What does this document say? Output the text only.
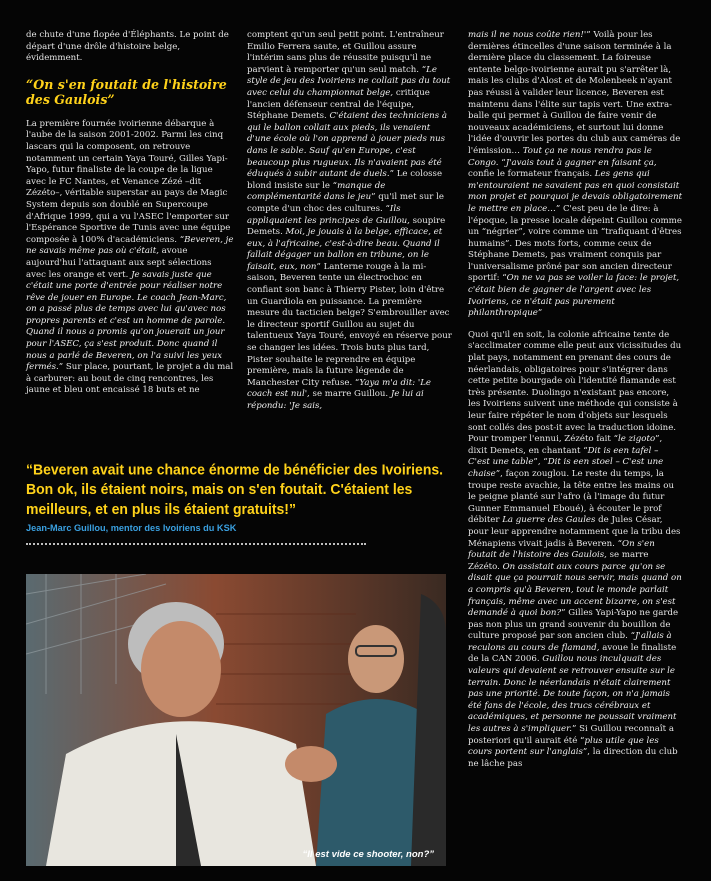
de chute d'une flopée d'Éléphants. Le point de départ d'une drôle d'histoire belge, évidemment.

“On s'en foutait de l'histoire des Gaulois”

La première fournée ivoirienne débarque à l'aube de la saison 2001-2002. Parmi les cinq lascars qui la composent, on retrouve notamment un certain Yaya Touré, Gilles Yapi-Yapo, futur finaliste de la coupe de la ligue avec le FC Nantes, et Venance Zézé –dit Zézéto–, véritable superstar au pays de Magic System depuis son doublé en Supercoupe d'Afrique 1999, qui a vu l'ASEC l'emporter sur l'Espérance Sportive de Tunis avec une équipe composée à 100% d'académiciens. “Beveren, je ne savais même pas où c'était, avoue aujourd'hui l'attaquant aux sept sélections avec les orange et vert. Je savais juste que c'était une porte d'entrée pour réaliser notre rêve de jouer en Europe. Le coach Jean-Marc, on a passé plus de temps avec lui qu'avec nos propres parents et c'est un homme de parole. Quand il nous a promis qu'on jouerait un jour pour l'ASEC, ça s'est produit. Donc quand il nous a parlé de Beveren, on l'a suivi les yeux fermés.” Sur place, pourtant, le projet a du mal à carburer: au bout de cinq rencontres, les jaune et bleu ont encaissé 18 buts et ne

comptent qu'un seul petit point. L'entraîneur Emilio Ferrera saute, et Guillou assure l'intérim sans plus de réussite puisqu'il ne parvient à remporter qu'un seul match. “Le style de jeu des Ivoiriens ne collait pas du tout avec celui du championnat belge, critique l'ancien défenseur central de l'équipe, Stéphane Demets. C'étaient des techniciens à qui le ballon collait aux pieds, ils venaient d'une école où l'on apprend à jouer pieds nus dans le sable. Sauf qu'en Europe, c'est beaucoup plus rugueux. Ils n'avaient pas été éduqués à subir autant de duels.” Le colosse blond insiste sur le “manque de complémentarité dans le jeu” qu'il met sur le compte d'un choc des cultures. “Ils appliquaient les principes de Guillou, soupire Demets. Moi, je jouais à la belge, efficace, et eux, à l'africaine, c'est-à-dire beau. Quand il fallait dégager un ballon en tribune, on le faisait, eux, non” Lanterne rouge à la mi-saison, Beveren tente un électrochoc en confiant son banc à Thierry Pister, loin d'être un Guardiola en puissance. La première mesure du tacticien belge? S'embrouiller avec le directeur sportif Guillou au sujet du talentueux Yaya Touré, envoyé en réserve pour se changer les idées. Trois buts plus tard, Pister souhaite le reprendre en équipe première, mais la future légende de Manchester City refuse. “Yaya m'a dit: 'Le coach est nul', se marre Guillou. Je lui ai répondu: 'Je sais,

mais il ne nous coûte rien!'” Voilà pour les dernières étincelles d'une saison terminée à la dernière place du classement. La foireuse entente belgo-ivoirienne aurait pu s'arrêter là, mais les clubs d'Alost et de Molenbeek n'ayant pas réussi à valider leur licence, Beveren est maintenu dans l'élite sur tapis vert. Une extra-balle qui permet à Guillou de faire venir de nouveaux académiciens, et surtout lui donne l'idée d'ouvrir les portes du club aux caméras de l'émission… Tout ça ne nous rendra pas le Congo. “J'avais tout à gagner en faisant ça, confie le formateur français. Les gens qui m'entouraient ne savaient pas en quoi consistait mon projet et pourquoi je devais obligatoirement le mettre en place…” C'est peu de le dire: à l'époque, la presse locale dépeint Guillou comme un “négrier”, voire comme un “trafiquant d'êtres humains”. Des mots forts, comme ceux de Stéphane Demets, pas vraiment conquis par l'universalisme prôné par son ancien directeur sportif: “On ne va pas se voiler la face: le projet, c'était bien de gagner de l'argent avec les Ivoiriens, ce n'était pas purement philanthropique”

Quoi qu'il en soit, la colonie africaine tente de s'acclimater comme elle peut aux vicissitudes du plat pays, notamment en prenant des cours de néerlandais, obligatoires pour s'intégrer dans cette petite bourgade où l'identité flamande est très présente. Duolingo n'existant pas encore, les Ivoiriens suivent une méthode qui consiste à leur faire répéter le nom d'objets sur lesquels sont collés des post-it avec la traduction idoine. Pour tromper l'ennui, Zézéto fait “le zigoto”, dixit Demets, en chantant “Dit is een tafel – C'est une table”, “Dit is een stoel – C'est une chaise”, façon zouglou. Le reste du temps, la troupe reste avachie, la tête entre les mains ou le peigne planté sur l'afro (à l'image du futur Gunner Emmanuel Eboué), à écouter le prof débiter La guerre des Gaules de Jules César, pour leur apprendre notamment que la tribu des Ménapiens vivait jadis à Beveren. “On s'en foutait de l'histoire des Gaulois, se marre Zézéto. On assistait aux cours parce qu'on se disait que ça pourrait nous servir, mais quand on a compris qu'à Beveren, tout le monde parlait français, même avec un accent bizarre, on s'est demandé à quoi bon?” Gilles Yapi-Yapo ne garde pas non plus un grand souvenir du bouillon de culture proposé par son ancien club. “J'allais à reculons au cours de flamand, avoue le finaliste de la CAN 2006. Guillou nous inculquait des valeurs qui devaient se retrouver ensuite sur le terrain. Donc le néerlandais n'était clairement pas une priorité. De toute façon, on n'a jamais été fans de l'école, des trucs cérébraux et académiques, et personne ne poussait vraiment les autres à s'impliquer.” Si Guillou reconnaît a posteriori qu'il aurait été “plus utile que les cours portent sur l'anglais”, la direction du club ne lâche pas

“Beveren avait une chance énorme de bénéficier des Ivoiriens. Bon ok, ils étaient noirs, mais on s'en foutait. C'étaient les meilleurs, et en plus ils étaient gratuits!”
Jean-Marc Guillou, mentor des Ivoiriens du KSK
“Il est vide ce shooter, non?”
